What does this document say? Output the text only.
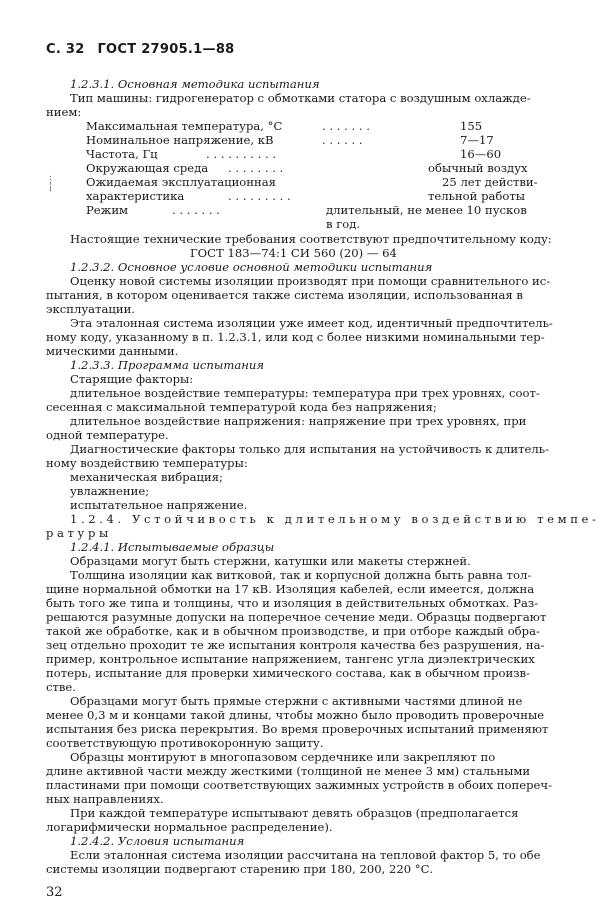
С. 32 ГОСТ 27905.1—88
:
¦
'
1.2.3.1. Основная методика испытания
Тип машины: гидрогенератор с обмотками статора с воздушным охлажде-
нием:
Максимальная температура, °С	. . . . . . .	155
Номинальное напряжение, кВ	. . . . . .	7—17
Частота, Гц	. . . . . . . . . .	16—60
Окружающая среда . . . . . . . .	обычный воздух
Ожидаемая эксплуатационная	25 лет действи-
характеристика	. . . . . . . . .	тельной работы
Режим	. . . . . . .	длительный, не менее 10 пусков
в год.
Настоящие технические требования соответствуют предпочтительному коду:
ГОСТ 183—74:1 СИ 560 (20) — 64
1.2.3.2. Основное условие основной методики испытания
Оценку новой системы изоляции производят при помощи сравнительного ис-
пытания, в котором оценивается также система изоляции, использованная в
эксплуатации.
Эта эталонная система изоляции уже имеет код, идентичный предпочтитель-
ному коду, указанному в п. 1.2.3.1, или код с более низкими номинальными тер-
мическими данными.
1.2.3.3. Программа испытания
Старящие факторы:
длительное воздействие температуры: температура при трех уровнях, соот-
сесенная с максимальной температурой кода без напряжения;
длительное воздействие напряжения: напряжение при трех уровнях, при
одной температуре.
Диагностические факторы только для испытания на устойчивость к длитель-
ному воздействию температуры:
механическая вибрация;
увлажнение;
испытательное напряжение.
1.2.4. Устойчивость к длительному воздействию темпе-
ратуры
1.2.4.1. Испытываемые образцы
Образцами могут быть стержни, катушки или макеты стержней.
Толщина изоляции как витковой, так и корпусной должна быть равна тол-
щине нормальной обмотки на 17 кВ. Изоляция кабелей, если имеется, должна
быть того же типа и толщины, что и изоляция в действительных обмотках. Раз-
решаются разумные допуски на поперечное сечение меди. Образцы подвергают
такой же обработке, как и в обычном производстве, и при отборе каждый обра-
зец отдельно проходит те же испытания контроля качества без разрушения, на-
пример, контрольное испытание напряжением, тангенс угла диэлектрических
потерь, испытание для проверки химического состава, как в обычном произв-
стве.
Образцами могут быть прямые стержни с активными частями длиной не
менее 0,3 м и концами такой длины, чтобы можно было проводить проверочные
испытания без риска перекрытия. Во время проверочных испытаний применяют
соответствующую противокоронную защиту.
Образцы монтируют в многопазовом сердечнике или закрепляют по
длине активной части между жесткими (толщиной не менее 3 мм) стальными
пластинами при помощи соответствующих зажимных устройств в обоих попереч-
ных направлениях.
При каждой температуре испытывают девять образцов (предполагается
логарифмически нормальное распределение).
1.2.4.2. Условия испытания
Если эталонная система изоляции рассчитана на тепловой фактор 5, то обе
системы изоляции подвергают старению при 180, 200, 220 °С.
32
